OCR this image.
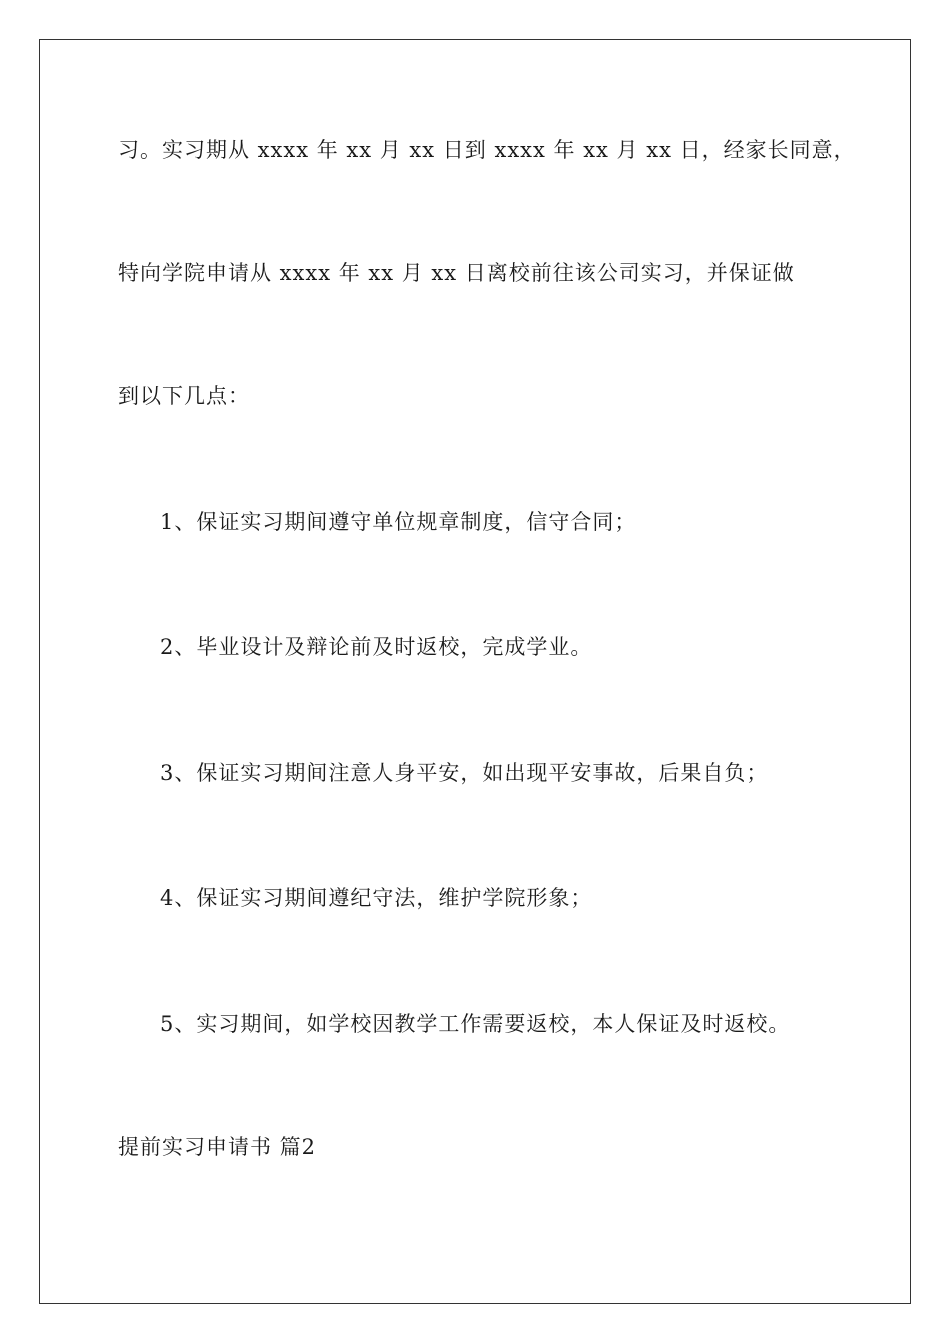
习。实习期从 xxxx 年 xx 月 xx 日到 xxxx 年 xx 月 xx 日，经家长同意，
特向学院申请从 xxxx 年 xx 月 xx 日离校前往该公司实习，并保证做
到以下几点：
1、保证实习期间遵守单位规章制度，信守合同；
2、毕业设计及辩论前及时返校，完成学业。
3、保证实习期间注意人身平安，如出现平安事故，后果自负；
4、保证实习期间遵纪守法，维护学院形象；
5、实习期间，如学校因教学工作需要返校，本人保证及时返校。
提前实习申请书 篇2
